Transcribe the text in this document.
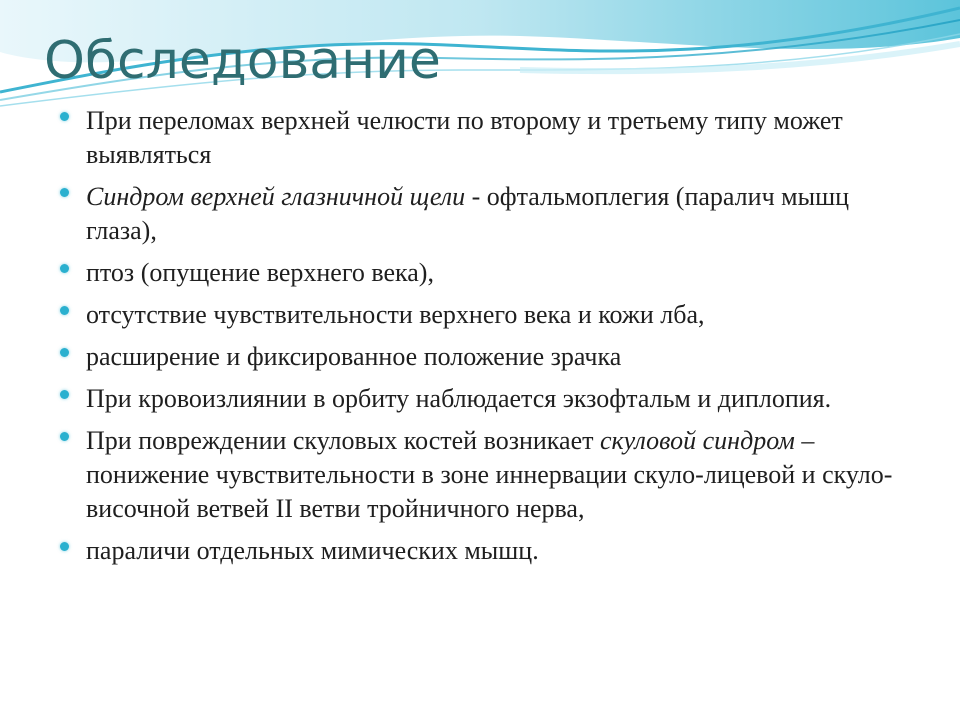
Обследование
При переломах верхней челюсти по второму и третьему типу может выявляться
Синдром верхней глазничной щели - офтальмоплегия (паралич мышц глаза),
птоз (опущение верхнего века),
отсутствие чувствительности верхнего века и кожи лба,
расширение и фиксированное положение зрачка
При кровоизлиянии в орбиту наблюдается экзофтальм и диплопия.
При повреждении скуловых костей возникает скуловой синдром – понижение чувствительности в зоне иннервации скуло-лицевой и скуло-височной ветвей II ветви тройничного нерва,
параличи отдельных мимических мышц.
